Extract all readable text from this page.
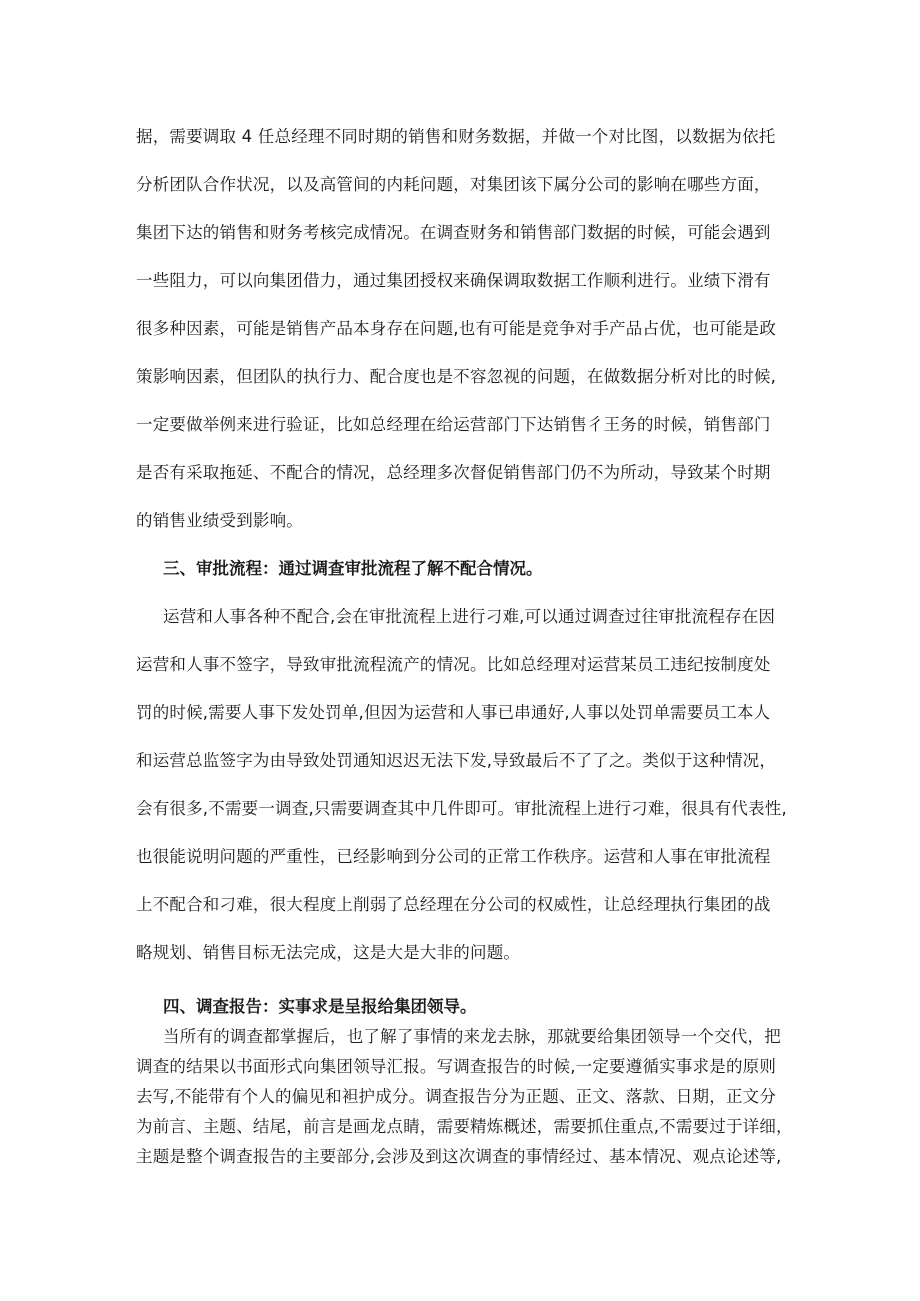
据，需要调取 4 任总经理不同时期的销售和财务数据，并做一个对比图，以数据为依托
分析团队合作状况，以及高管间的内耗问题，对集团该下属分公司的影响在哪些方面，
集团下达的销售和财务考核完成情况。在调查财务和销售部门数据的时候，可能会遇到
一些阻力，可以向集团借力，通过集团授权来确保调取数据工作顺利进行。业绩下滑有
很多种因素，可能是销售产品本身存在问题,也有可能是竞争对手产品占优，也可能是政
策影响因素，但团队的执行力、配合度也是不容忽视的问题，在做数据分析对比的时候,
一定要做举例来进行验证，比如总经理在给运营部门下达销售彳王务的时候，销售部门
是否有采取拖延、不配合的情况，总经理多次督促销售部门仍不为所动，导致某个时期
的销售业绩受到影响。
三、审批流程：通过调查审批流程了解不配合情况。
运营和人事各种不配合,会在审批流程上进行刁难,可以通过调查过往审批流程存在因
运营和人事不签字，导致审批流程流产的情况。比如总经理对运营某员工违纪按制度处
罚的时候,需要人事下发处罚单,但因为运营和人事已串通好,人事以处罚单需要员工本人
和运营总监签字为由导致处罚通知迟迟无法下发,导致最后不了了之。类似于这种情况，
会有很多,不需要一调查,只需要调查其中几件即可。审批流程上进行刁难，很具有代表性,
也很能说明问题的严重性，已经影响到分公司的正常工作秩序。运营和人事在审批流程
上不配合和刁难，很大程度上削弱了总经理在分公司的权威性，让总经理执行集团的战
略规划、销售目标无法完成，这是大是大非的问题。
四、调查报告：实事求是呈报给集团领导。
当所有的调查都掌握后，也了解了事情的来龙去脉，那就要给集团领导一个交代，把
调查的结果以书面形式向集团领导汇报。写调查报告的时候,一定要遵循实事求是的原则
去写,不能带有个人的偏见和袒护成分。调查报告分为正题、正文、落款、日期，正文分
为前言、主题、结尾，前言是画龙点睛，需要精炼概述，需要抓住重点,不需要过于详细，
主题是整个调查报告的主要部分,会涉及到这次调查的事情经过、基本情况、观点论述等,
